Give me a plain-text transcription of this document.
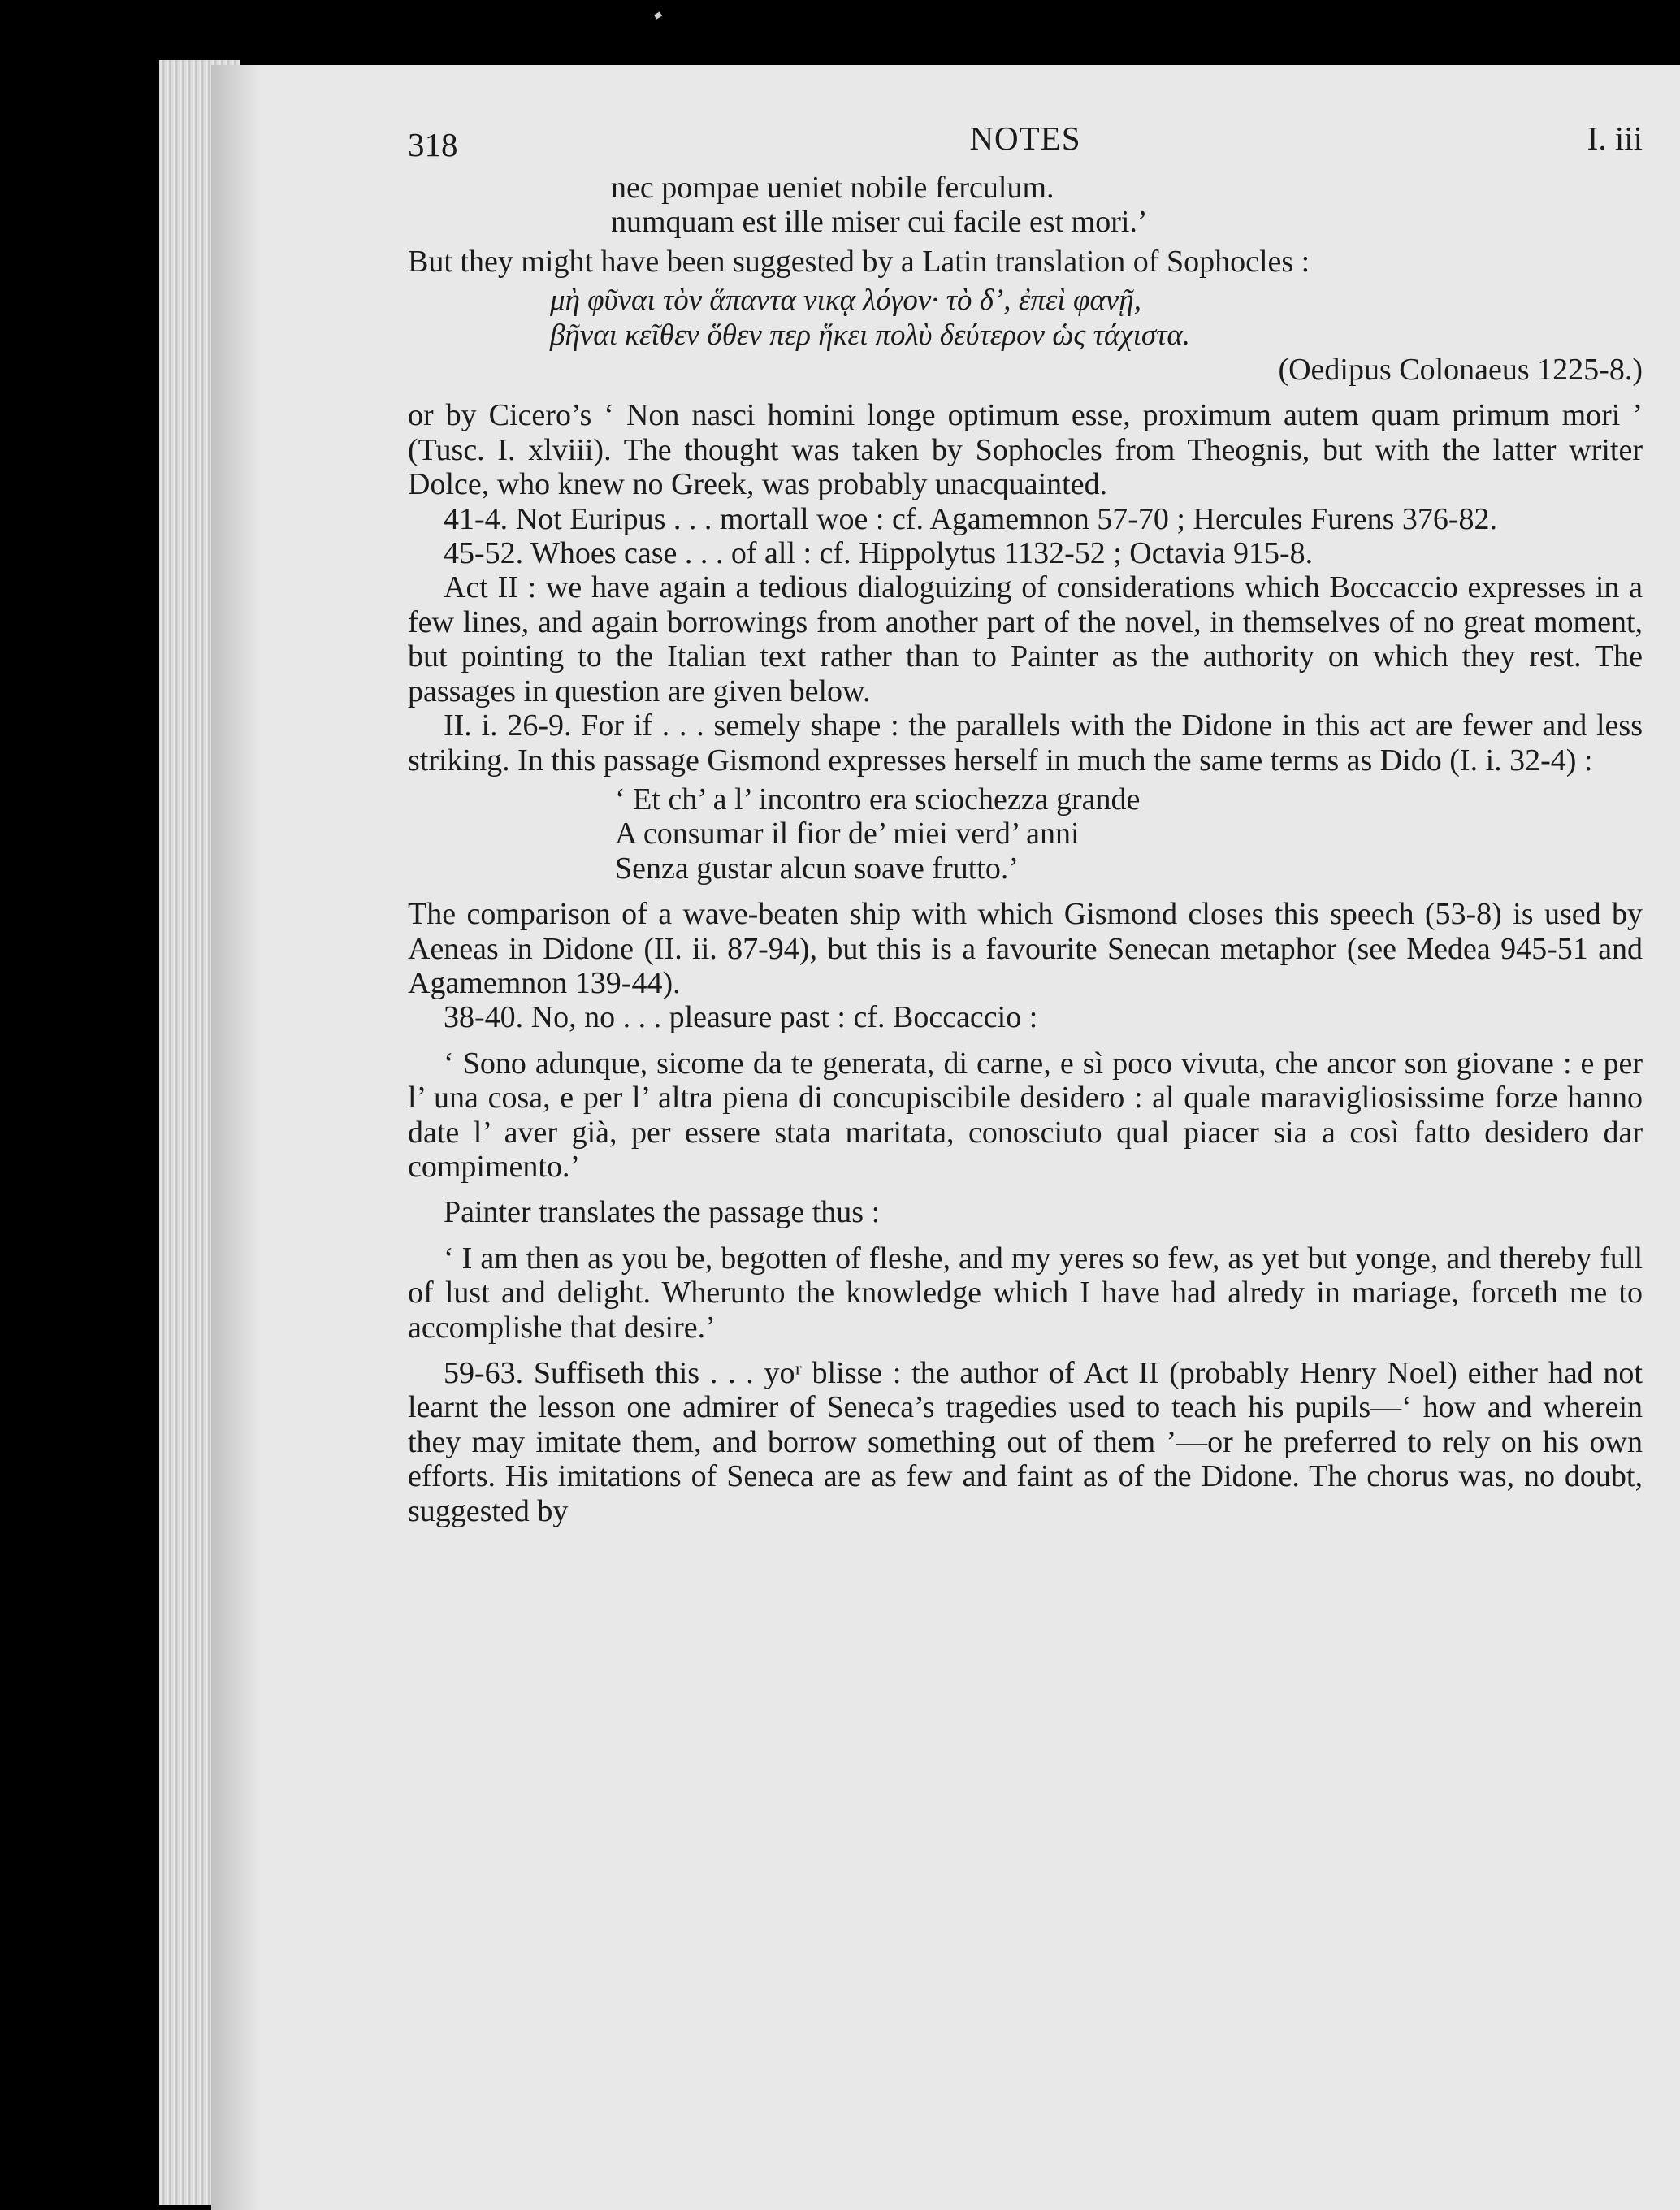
318	NOTES	I. iii
nec pompae ueniet nobile ferculum.
numquam est ille miser cui facile est mori.’

But they might have been suggested by a Latin translation of Sophocles :

μὴ φῦναι τὸν ἅπαντα νικᾳ λόγον· τὸ δ’, ἐπεὶ φανῇ,
βῆναι κεῖθεν ὅθεν περ ἥκει πολὺ δεύτερον ὡς τάχιστα.
(Oedipus Colonaeus 1225-8.)

or by Cicero’s ‘ Non nasci homini longe optimum esse, proximum autem quam primum mori ’ (Tusc. I. xlviii). The thought was taken by Sophocles from Theognis, but with the latter writer Dolce, who knew no Greek, was probably unacquainted.

41-4. Not Euripus . . . mortall woe : cf. Agamemnon 57-70 ; Hercules Furens 376-82.

45-52. Whoes case . . . of all : cf. Hippolytus 1132-52 ; Octavia 915-8.

Act II : we have again a tedious dialoguizing of considerations which Boccaccio expresses in a few lines, and again borrowings from another part of the novel, in themselves of no great moment, but pointing to the Italian text rather than to Painter as the authority on which they rest. The passages in question are given below.

II. i. 26-9. For if . . . semely shape : the parallels with the Didone in this act are fewer and less striking. In this passage Gismond expresses herself in much the same terms as Dido (I. i. 32-4) :

‘ Et ch’ a l’ incontro era sciochezza grande
A consumar il fior de’ miei verd’ anni
Senza gustar alcun soave frutto.’

The comparison of a wave-beaten ship with which Gismond closes this speech (53-8) is used by Aeneas in Didone (II. ii. 87-94), but this is a favourite Senecan metaphor (see Medea 945-51 and Agamemnon 139-44).

38-40. No, no . . . pleasure past : cf. Boccaccio :

‘ Sono adunque, sicome da te generata, di carne, e sì poco vivuta, che ancor son giovane : e per l’ una cosa, e per l’ altra piena di concupiscibile desidero : al quale maravigliosissime forze hanno date l’ aver già, per essere stata maritata, conosciuto qual piacer sia a così fatto desidero dar compimento.’

Painter translates the passage thus :

‘ I am then as you be, begotten of fleshe, and my yeres so few, as yet but yonge, and thereby full of lust and delight. Wherunto the knowledge which I have had alredy in mariage, forceth me to accomplishe that desire.’

59-63. Suffiseth this . . . yoʳ blisse : the author of Act II (probably Henry Noel) either had not learnt the lesson one admirer of Seneca’s tragedies used to teach his pupils—‘ how and wherein they may imitate them, and borrow something out of them ’—or he preferred to rely on his own efforts. His imitations of Seneca are as few and faint as of the Didone. The chorus was, no doubt, suggested by
